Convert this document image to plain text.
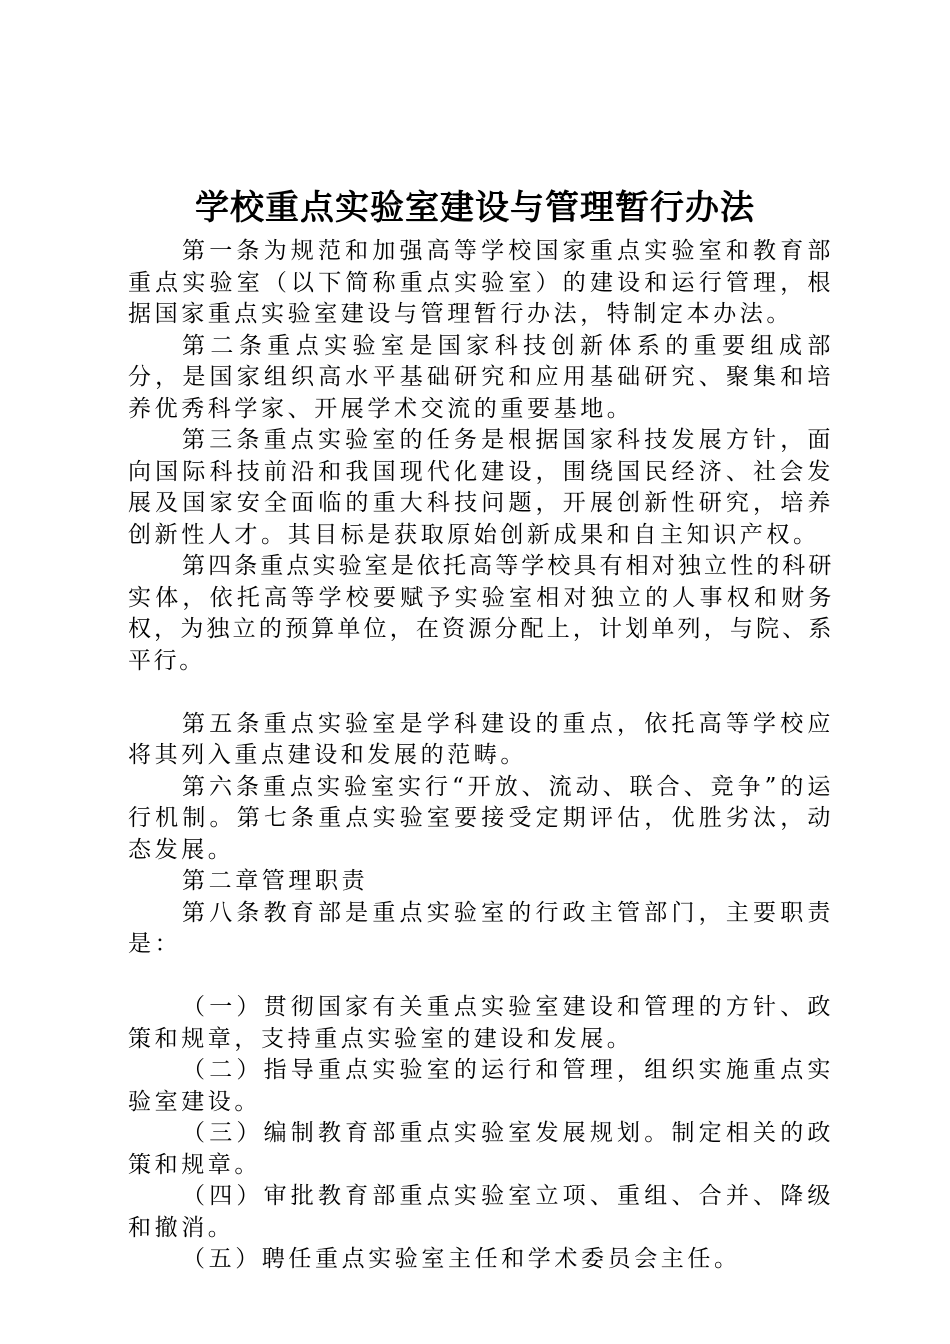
学校重点实验室建设与管理暂行办法

第一条为规范和加强高等学校国家重点实验室和教育部重点实验室（以下简称重点实验室）的建设和运行管理，根据国家重点实验室建设与管理暂行办法，特制定本办法。

第二条重点实验室是国家科技创新体系的重要组成部分，是国家组织高水平基础研究和应用基础研究、聚集和培养优秀科学家、开展学术交流的重要基地。

第三条重点实验室的任务是根据国家科技发展方针，面向国际科技前沿和我国现代化建设，围绕国民经济、社会发展及国家安全面临的重大科技问题，开展创新性研究，培养创新性人才。其目标是获取原始创新成果和自主知识产权。

第四条重点实验室是依托高等学校具有相对独立性的科研实体，依托高等学校要赋予实验室相对独立的人事权和财务权，为独立的预算单位，在资源分配上，计划单列，与院、系平行。

第五条重点实验室是学科建设的重点，依托高等学校应将其列入重点建设和发展的范畴。

第六条重点实验室实行“开放、流动、联合、竞争”的运行机制。第七条重点实验室要接受定期评估，优胜劣汰，动态发展。

第二章管理职责

第八条教育部是重点实验室的行政主管部门，主要职责是：

（一）贯彻国家有关重点实验室建设和管理的方针、政策和规章，支持重点实验室的建设和发展。

（二）指导重点实验室的运行和管理，组织实施重点实验室建设。

（三）编制教育部重点实验室发展规划。制定相关的政策和规章。

（四）审批教育部重点实验室立项、重组、合并、降级和撤消。

（五）聘任重点实验室主任和学术委员会主任。
